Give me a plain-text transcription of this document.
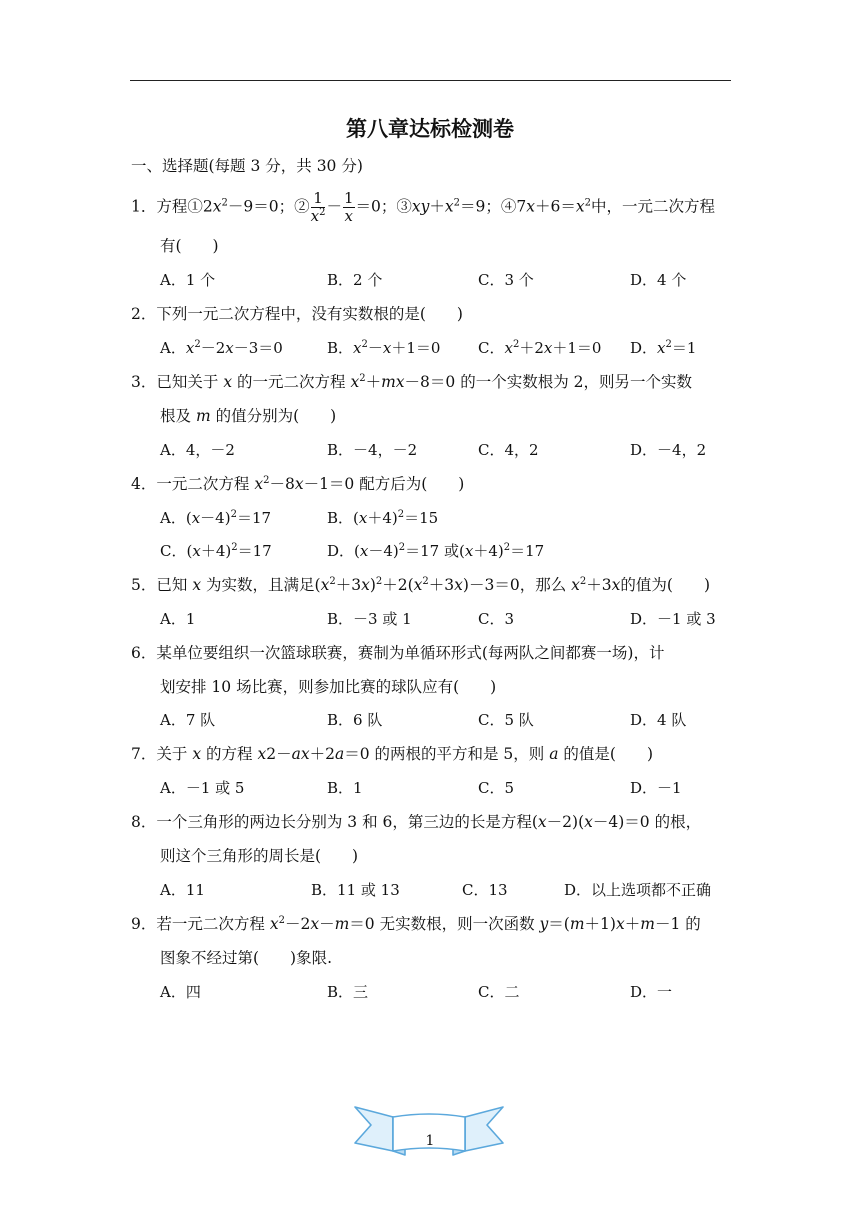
第八章达标检测卷
一、选择题(每题 3 分，共 30 分)
1．方程$①2x^2-9=0$；② $\frac{1}{x^2} - \frac{1}{x} =0$；$③xy+x^2=9$；$④7x+6=x^2$中，一元二次方程
有(　　)
A．1 个	B．2 个	C．3 个	D．4 个
2．下列一元二次方程中，没有实数根的是(　　)
A．$x^2-2x-3=0$	B．$x^2-x+1=0$	C．$x^2+2x+1=0$ D．$x^2=1$
3．已知关于 x 的一元二次方程 $x^2+mx-8=0$ 的一个实数根为 2，则另一个实数
根及 m 的值分别为(　　)
A．4，－2	B．－4，－2	C．4，2	D．－4，2
4．一元二次方程 $x^2-8x-1=0$ 配方后为(　　)
A．$(x-4)^2=17$	B．$(x+4)^2=15$
C．$(x+4)^2=17$	D．$(x-4)^2=17$ 或$(x+4)^2=17$
5．已知 x 为实数，且满足$(x^2+3x)^2+2(x^2+3x)-3=0$，那么 $x^2+3x$的值为(　　)
A．1	B．－3 或 1	C．3	D．－1 或 3
6．某单位要组织一次篮球联赛，赛制为单循环形式(每两队之间都赛一场)，计
划安排 10 场比赛，则参加比赛的球队应有(　　)
A．7 队	B．6 队	C．5 队	D．4 队
7．关于 x 的方程 x2－ax＋2a＝0 的两根的平方和是 5，则 a 的值是(　　)
A．－1 或 5	B．1	C．5	D．－1
8．一个三角形的两边长分别为 3 和 6，第三边的长是方程(x－2)(x－4)＝0 的根，
则这个三角形的周长是(　　)
A．11	B．11 或 13	C．13	D．以上选项都不正确
9．若一元二次方程 $x^2-2x-m=0$ 无实数根，则一次函数 y＝(m＋1)x＋m－1 的
图象不经过第(　　)象限.
A．四	B．三	C．二	D．一
1
